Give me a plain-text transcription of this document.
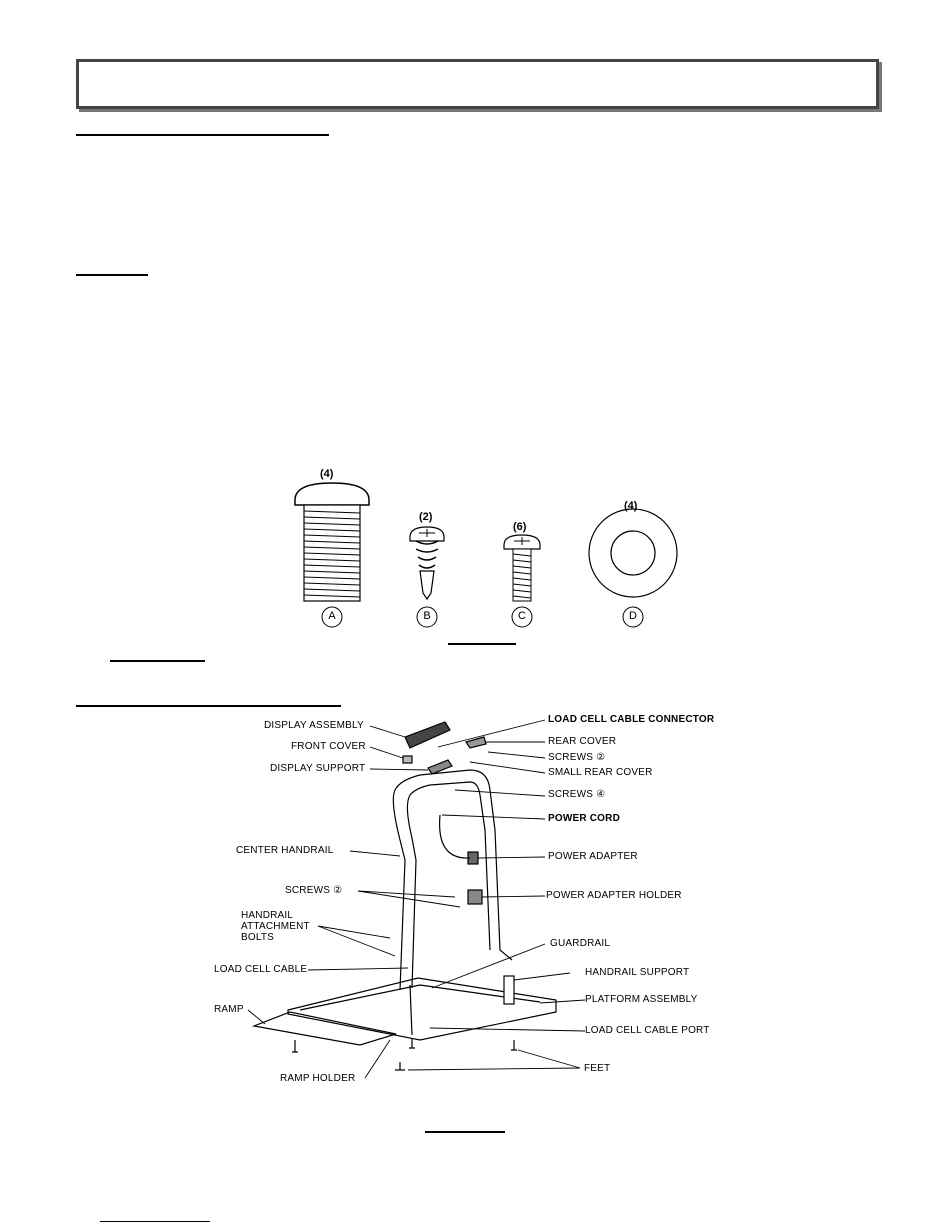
(4)
(2)
(6)
(4)
A	B	C	D
DISPLAY ASSEMBLY
FRONT COVER
DISPLAY SUPPORT
CENTER HANDRAIL
SCREWS ②
HANDRAIL
ATTACHMENT
BOLTS
LOAD CELL CABLE
RAMP
RAMP HOLDER
LOAD CELL CABLE CONNECTOR
REAR COVER
SCREWS ②
SMALL REAR COVER
SCREWS ④
POWER CORD
POWER ADAPTER
POWER ADAPTER HOLDER
GUARDRAIL
HANDRAIL SUPPORT
PLATFORM ASSEMBLY
LOAD CELL CABLE PORT
FEET
